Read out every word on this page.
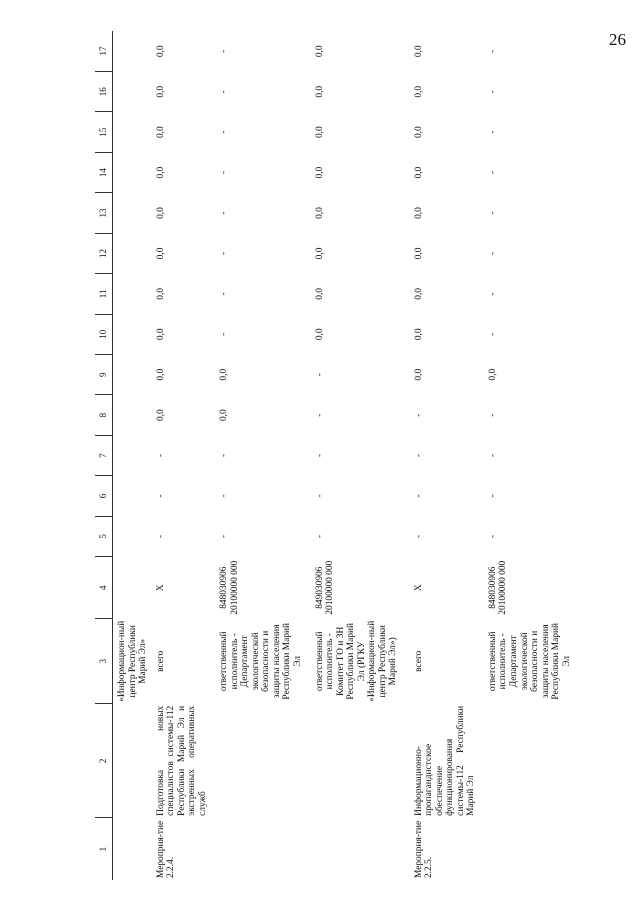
26
1	2	3	4	5	6	7	8	9	10	11	12	13	14	15	16	17
		«Информацион-ный центр Республики Марий Эл»														
Мероприя-тие 2.2.4.	Подготовка новых специалистов системы-112 Республики Марий Эл и экстренных оперативных служб	всего	X	-	-	-	0,0	0,0	0,0	0,0	0,0	0,0	0,0	0,0	0,0	0,0
		ответственный исполнитель - Департамент экологической безопасности и защиты населения Республики Марий Эл	848030906 20100000 000	-	-	-	0,0	0,0	-	-	-	-	-	-	-	-
		ответственный исполнитель - Комитет ГО и ЗН Республики Марий Эл (РГКУ «Информацион-ный центр Республики Марий Эл»)	849030906 20100000 000	-	-	-	-	-	0,0	0,0	0,0	0,0	0,0	0,0	0,0	0,0
Мероприя-тие 2.2.5.	Информационно-пропагандистское обеспечение функционирования системы-112 Республики Марий Эл	всего	X	-	-	-	-	0,0	0,0	0,0	0,0	0,0	0,0	0,0	0,0	0,0
		ответственный исполнитель - Департамент экологической безопасности и защиты населения Республики Марий Эл	848030906 20100000 000	-	-	-	-	0,0	-	-	-	-	-	-	-	-
